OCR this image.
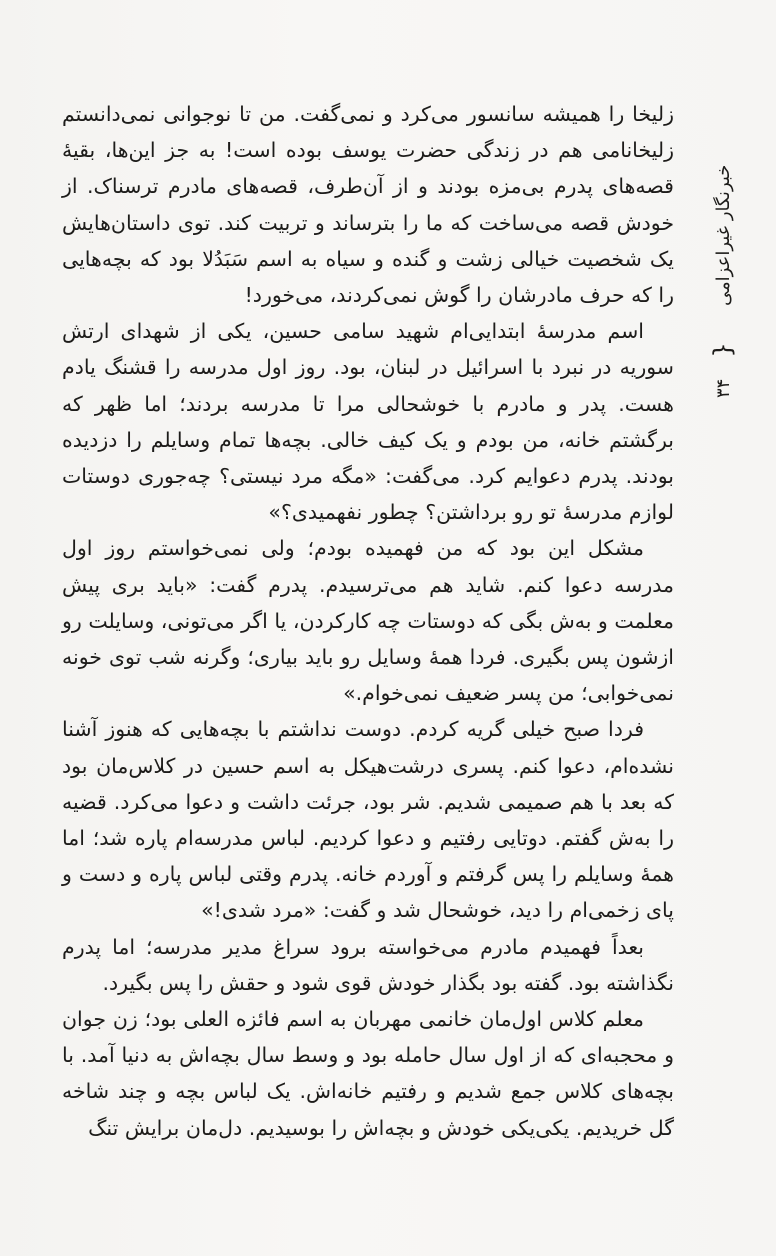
خبرنگار غیراعزامی
{
۳۴

زلیخا را همیشه سانسور می‌کرد و نمی‌گفت. من تا نوجوانی نمی‌دانستم زلیخانامی هم در زندگی حضرت یوسف بوده است! به جز این‌ها، بقیهٔ قصه‌های پدرم بی‌مزه بودند و از آن‌طرف، قصه‌های مادرم ترسناک. از خودش قصه می‌ساخت که ما را بترساند و تربیت کند. توی داستان‌هایش یک شخصیت خیالی زشت و گنده و سیاه به اسم سَبَدُلا بود که بچه‌هایی را که حرف مادرشان را گوش نمی‌کردند، می‌خورد!

اسم مدرسهٔ ابتدایی‌ام شهید سامی حسین، یکی از شهدای ارتش سوریه در نبرد با اسرائیل در لبنان، بود. روز اول مدرسه را قشنگ یادم هست. پدر و مادرم با خوشحالی مرا تا مدرسه بردند؛ اما ظهر که برگشتم خانه، من بودم و یک کیف خالی. بچه‌ها تمام وسایلم را دزدیده بودند. پدرم دعوایم کرد. می‌گفت: «مگه مرد نیستی؟ چه‌جوری دوستات لوازم مدرسهٔ تو رو برداشتن؟ چطور نفهمیدی؟»

مشکل این بود که من فهمیده بودم؛ ولی نمی‌خواستم روز اول مدرسه دعوا کنم. شاید هم می‌ترسیدم. پدرم گفت: «باید بری پیش معلمت و به‌ش بگی که دوستات چه کارکردن، یا اگر می‌تونی، وسایلت رو ازشون پس بگیری. فردا همهٔ وسایل رو باید بیاری؛ وگرنه شب توی خونه نمی‌خوابی؛ من پسر ضعیف نمی‌خوام.»

فردا صبح خیلی گریه کردم. دوست نداشتم با بچه‌هایی که هنوز آشنا نشده‌ام، دعوا کنم. پسری درشت‌هیکل به اسم حسین در کلاس‌مان بود که بعد با هم صمیمی شدیم. شر بود، جرئت داشت و دعوا می‌کرد. قضیه را به‌ش گفتم. دوتایی رفتیم و دعوا کردیم. لباس مدرسه‌ام پاره شد؛ اما همهٔ وسایلم را پس گرفتم و آوردم خانه. پدرم وقتی لباس پاره و دست و پای زخمی‌ام را دید، خوشحال شد و گفت: «مرد شدی!»

بعداً فهمیدم مادرم می‌خواسته برود سراغ مدیر مدرسه؛ اما پدرم نگذاشته بود. گفته بود بگذار خودش قوی شود و حقش را پس بگیرد.

معلم کلاس اول‌مان خانمی مهربان به اسم فائزه العلی بود؛ زن جوان و محجبه‌ای که از اول سال حامله بود و وسط سال بچه‌اش به دنیا آمد. با بچه‌های کلاس جمع شدیم و رفتیم خانه‌اش. یک لباس بچه و چند شاخه گل خریدیم. یکی‌یکی خودش و بچه‌اش را بوسیدیم. دل‌مان برایش تنگ
